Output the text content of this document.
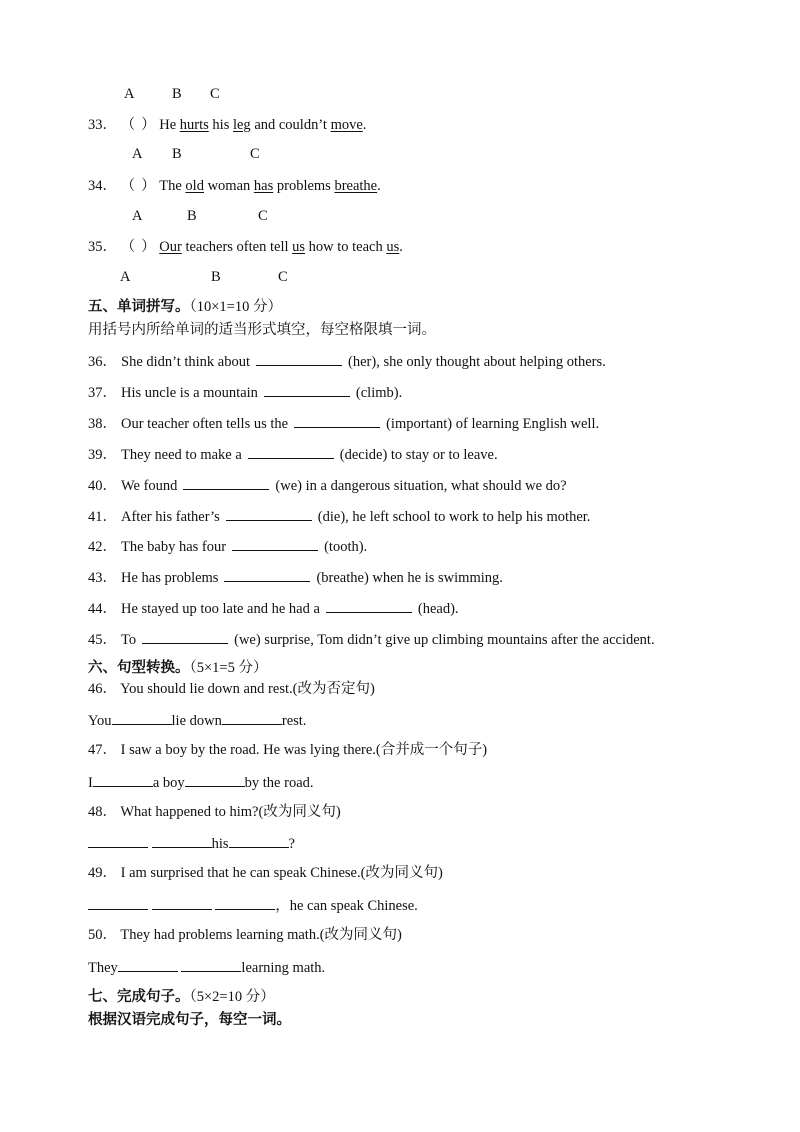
A	B C
33． （ ） He hurts his leg and couldn’t move.
A B	C
34． （ ） The old woman has problems breathe.
A	B	C
35． （ ） Our teachers often tell us how to teach us.
A	B	C
五、单词拼写。（10×1=10 分）
用括号内所给单词的适当形式填空，每空格限填一词。
36． She didn’t think about	(her), she only thought about helping others.
37． His uncle is a mountain	(climb).
38． Our teacher often tells us the	(important) of learning English well.
39． They need to make a	(decide) to stay or to leave.
40． We found	(we) in a dangerous situation, what should we do?
41． After his father’s	(die), he left school to work to help his mother.
42． The baby has four	(tooth).
43． He has problems	(breathe) when he is swimming.
44． He stayed up too late and he had a	(head).
45． To	(we) surprise, Tom didn’t give up climbing mountains after the accident.
六、句型转换。（5×1=5 分）
46． You should lie down and rest.(改为否定句)
You	lie down	rest.
47． I saw a boy by the road. He was lying there.(合并成一个句子)
I	a boy	by the road.
48． What happened to him?(改为同义句)
his	?
49． I am surprised that he can speak Chinese.(改为同义句)
，he can speak Chinese.
50． They had problems learning math.(改为同义句)
They	learning math.
七、完成句子。（5×2=10 分）
根据汉语完成句子，每空一词。
